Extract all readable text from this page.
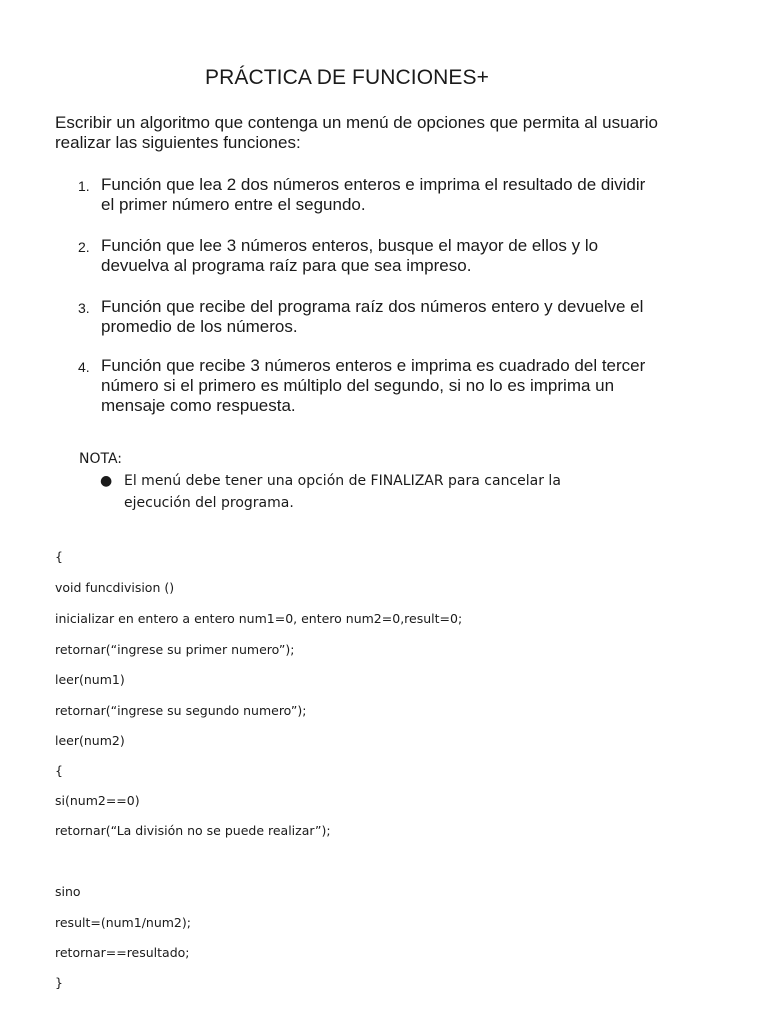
PRÁCTICA DE FUNCIONES+
Escribir un algoritmo que contenga un menú de opciones que permita al usuario realizar las siguientes funciones:
1. Función que lea 2 dos números enteros e imprima el resultado de dividir el primer número entre el segundo.
2. Función que lee 3 números enteros, busque el mayor de ellos y lo devuelva al programa raíz para que sea impreso.
3. Función que recibe del programa raíz dos números entero y devuelve el promedio de los números.
4. Función que recibe 3 números enteros e imprima es cuadrado del tercer número si el primero es múltiplo del segundo, si no lo es imprima un mensaje como respuesta.
NOTA:
● El menú debe tener una opción de FINALIZAR para cancelar la ejecución del programa.
{
void funcdivision ()
inicializar en entero a entero num1=0, entero num2=0,result=0;
retornar(“ingrese su primer numero”);
leer(num1)
retornar(“ingrese su segundo numero”);
leer(num2)
{
si(num2==0)
retornar(“La división no se puede realizar”);
sino
result=(num1/num2);
retornar==resultado;
}
